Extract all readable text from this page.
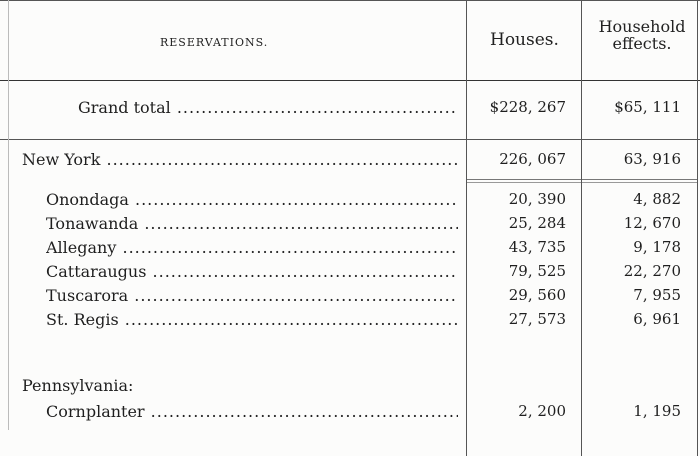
RESERVATIONS.	Houses.
Household
effects.
Grand total .....	$228, 267	$65, 111
New York .....	226, 067	63, 916
Onondaga .....	20, 390	4, 882
Tonawanda .....	25, 284	12, 670
Allegany .....	43, 735	9, 178
Cattaraugus .....	79, 525	22, 270
Tuscarora .....	29, 560	7, 955
St. Regis .....	27, 573	6, 961
Pennsylvania:
Cornplanter .....	2, 200	1, 195
